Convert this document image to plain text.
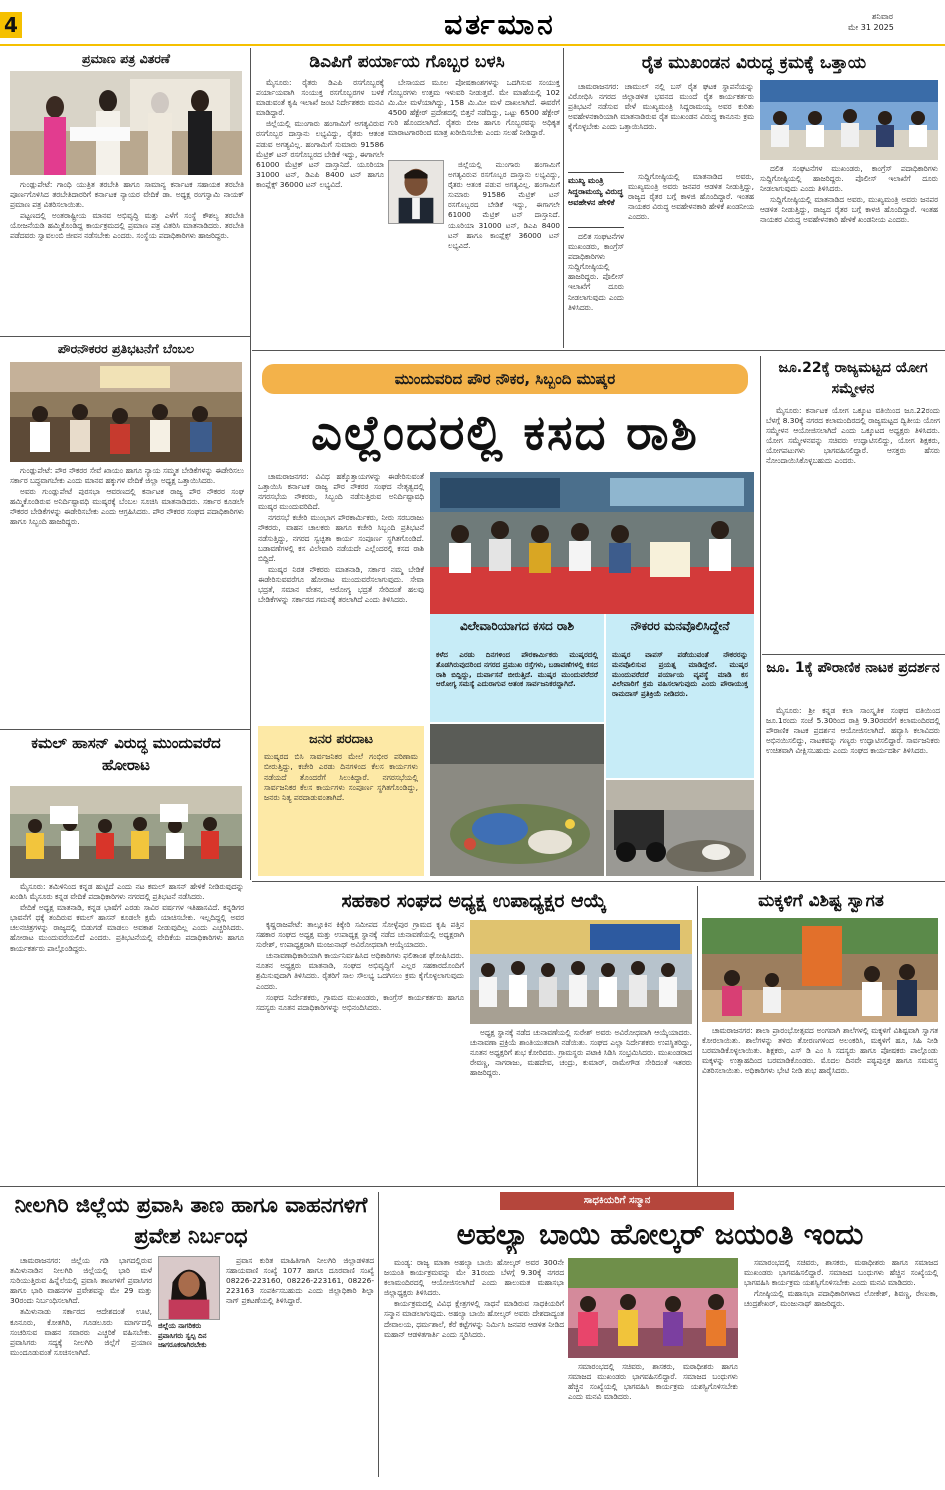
4	ವರ್ತಮಾನ	ಶನಿವಾರ
ಮೇ 31 2025
ಪ್ರಮಾಣ ಪತ್ರ ವಿತರಣೆ

ಗುಂಡ್ಲುಪೇಟೆ: ಗಾಂಧಿ ಯುತ್ರಿತ ತರಬೇತಿ ಹಾಗೂ ಸಾಮಾನ್ಯ ಕರ್ನಾಟಕ ಸಹಾಯಕ ತರಬೇತಿ ಪೂರ್ಣಗೊಳಿಸಿದ ತರಬೇತಿದಾರರಿಗೆ ಕರ್ನಾಟಕ ನ್ಯಾಯರ ವೇದಿಕೆ ಡಾ. ಅಧ್ಯಕ್ಷ ರಂಗಸ್ವಾಮಿ ನಾಯಕ್ ಪ್ರಮಾಣ ಪತ್ರ ವಿತರಿಸಲಾಯಿತು.

ಪಟ್ಟಣದಲ್ಲಿ ಅಂತರಾಷ್ಟ್ರೀಯ ಮಾನವ ಅಭಿವೃದ್ಧಿ ಮತ್ತು ಎಳೆಗೆ ಸಂಸ್ಥೆ ಕೌಶಲ್ಯ ತರಬೇತಿ ಯೋಜನೆಯಡಿ ಹಮ್ಮಿಕೊಂಡಿದ್ದ ಕಾರ್ಯಕ್ರಮದಲ್ಲಿ ಪ್ರಮಾಣ ಪತ್ರ ವಿತರಿಸಿ ಮಾತನಾಡಿದರು. ತರಬೇತಿ ಪಡೆದವರು ಸ್ವಾವಲಂಬಿ ಜೀವನ ನಡೆಸಬೇಕು ಎಂದರು. ಸಂಸ್ಥೆಯ ಪದಾಧಿಕಾರಿಗಳು ಹಾಜರಿದ್ದರು.

ಪೌರನೌಕರರ ಪ್ರತಿಭಟನೆಗೆ ಬೆಂಬಲ

ಗುಂಡ್ಲುಪೇಟೆ: ಪೌರ ನೌಕರರ ಸೇವೆ ಖಾಯಂ ಹಾಗೂ ನ್ಯಾಯ ಸಮ್ಮತ ಬೇಡಿಕೆಗಳನ್ನು ಈಡೇರಿಸಲು ಸರ್ಕಾರ ಬದ್ಧವಾಗಬೇಕು ಎಂದು ಮಾನವ ಹಕ್ಕುಗಳ ವೇದಿಕೆ ಜಿಲ್ಲಾ ಅಧ್ಯಕ್ಷ ಒತ್ತಾಯಿಸಿದರು.

ಅವರು ಗುಂಡ್ಲುಪೇಟೆ ಪುರಸಭಾ ಆವರಣದಲ್ಲಿ ಕರ್ನಾಟಕ ರಾಜ್ಯ ಪೌರ ನೌಕರರ ಸಂಘ ಹಮ್ಮಿಕೊಂಡಿರುವ ಅನಿರ್ದಿಷ್ಟಾವಧಿ ಮುಷ್ಕರಕ್ಕೆ ಬೆಂಬಲ ಸೂಚಿಸಿ ಮಾತನಾಡಿದರು. ಸರ್ಕಾರ ಕೂಡಲೇ ನೌಕರರ ಬೇಡಿಕೆಗಳನ್ನು ಈಡೇರಿಸಬೇಕು ಎಂದು ಆಗ್ರಹಿಸಿದರು. ಪೌರ ನೌಕರರ ಸಂಘದ ಪದಾಧಿಕಾರಿಗಳು ಹಾಗೂ ಸಿಬ್ಬಂದಿ ಹಾಜರಿದ್ದರು.

ಕಮಲ್ ಹಾಸನ್ ವಿರುದ್ಧ ಮುಂದುವರೆದ ಹೋರಾಟ

ಮೈಸೂರು: ತಮಿಳಿನಿಂದ ಕನ್ನಡ ಹುಟ್ಟಿದೆ ಎಂದು ನಟ ಕಮಲ್ ಹಾಸನ್ ಹೇಳಿಕೆ ನೀಡಿರುವುದನ್ನು ಖಂಡಿಸಿ ಮೈಸೂರು ಕನ್ನಡ ವೇದಿಕೆ ಪದಾಧಿಕಾರಿಗಳು ನಗರದಲ್ಲಿ ಪ್ರತಿಭಟನೆ ನಡೆಸಿದರು.

ವೇದಿಕೆ ಅಧ್ಯಕ್ಷ ಮಾತನಾಡಿ, ಕನ್ನಡ ಭಾಷೆಗೆ ಎರಡು ಸಾವಿರ ವರ್ಷಗಳ ಇತಿಹಾಸವಿದೆ. ಕನ್ನಡಿಗರ ಭಾವನೆಗೆ ಧಕ್ಕೆ ತಂದಿರುವ ಕಮಲ್ ಹಾಸನ್ ಕೂಡಲೇ ಕ್ಷಮೆ ಯಾಚಿಸಬೇಕು. ಇಲ್ಲದಿದ್ದಲ್ಲಿ ಅವರ ಚಲನಚಿತ್ರಗಳನ್ನು ರಾಜ್ಯದಲ್ಲಿ ಬಿಡುಗಡೆ ಮಾಡಲು ಅವಕಾಶ ನೀಡುವುದಿಲ್ಲ ಎಂದು ಎಚ್ಚರಿಸಿದರು. ಹೋರಾಟ ಮುಂದುವರೆಯಲಿದೆ ಎಂದರು. ಪ್ರತಿಭಟನೆಯಲ್ಲಿ ವೇದಿಕೆಯ ಪದಾಧಿಕಾರಿಗಳು ಹಾಗೂ ಕಾರ್ಯಕರ್ತರು ಪಾಲ್ಗೊಂಡಿದ್ದರು.

ಡಿಎಪಿಗೆ ಪರ್ಯಾಯ ಗೊಬ್ಬರ ಬಳಸಿ

ಮೈಸೂರು: ರೈತರು ಡಿಎಪಿ ರಸಗೊಬ್ಬರಕ್ಕೆ ಪರ್ಯಾಯವಾಗಿ ಸಂಯುಕ್ತ ರಸಗೊಬ್ಬರಗಳ ಬಳಕೆ ಮಾಡುವಂತೆ ಕೃಷಿ ಇಲಾಖೆ ಜಂಟಿ ನಿರ್ದೇಶಕರು ಮನವಿ ಮಾಡಿದ್ದಾರೆ.

ಜಿಲ್ಲೆಯಲ್ಲಿ ಮುಂಗಾರು ಹಂಗಾಮಿಗೆ ಅಗತ್ಯವಿರುವ ರಸಗೊಬ್ಬರ ದಾಸ್ತಾನು ಲಭ್ಯವಿದ್ದು, ರೈತರು ಆತಂಕ ಪಡುವ ಅಗತ್ಯವಿಲ್ಲ. ಹಂಗಾಮಿಗೆ ಸುಮಾರು 91586 ಮೆಟ್ರಿಕ್ ಟನ್ ರಸಗೊಬ್ಬರದ ಬೇಡಿಕೆ ಇದ್ದು, ಈಗಾಗಲೇ 61000 ಮೆಟ್ರಿಕ್ ಟನ್ ದಾಸ್ತಾನಿದೆ. ಯೂರಿಯಾ 31000 ಟನ್, ಡಿಎಪಿ 8400 ಟನ್ ಹಾಗೂ ಕಾಂಪ್ಲೆಕ್ಸ್ 36000 ಟನ್ ಲಭ್ಯವಿದೆ.

ಬೇಸಾಯದ ಮೂಲ ಪೋಷಕಾಂಶಗಳನ್ನು ಒದಗಿಸುವ ಸಂಯುಕ್ತ ಗೊಬ್ಬರಗಳು ಉತ್ತಮ ಇಳುವರಿ ನೀಡುತ್ತವೆ. ಮೇ ಮಾಹೆಯಲ್ಲಿ 102 ಮಿ.ಮೀ ಮಳೆಯಾಗಿದ್ದು, 158 ಮಿ.ಮೀ ಮಳೆ ದಾಖಲಾಗಿದೆ. ಈವರೆಗೆ 4500 ಹೆಕ್ಟೇರ್ ಪ್ರದೇಶದಲ್ಲಿ ಬಿತ್ತನೆ ನಡೆದಿದ್ದು, ಒಟ್ಟು 6500 ಹೆಕ್ಟೇರ್ ಗುರಿ ಹೊಂದಲಾಗಿದೆ. ರೈತರು ಬೀಜ ಹಾಗೂ ಗೊಬ್ಬರವನ್ನು ಅಧಿಕೃತ ಮಾರಾಟಗಾರರಿಂದ ಮಾತ್ರ ಖರೀದಿಸಬೇಕು ಎಂದು ಸಲಹೆ ನೀಡಿದ್ದಾರೆ.

ಜಿಲ್ಲೆಯಲ್ಲಿ ಮುಂಗಾರು ಹಂಗಾಮಿಗೆ ಅಗತ್ಯವಿರುವ ರಸಗೊಬ್ಬರ ದಾಸ್ತಾನು ಲಭ್ಯವಿದ್ದು, ರೈತರು ಆತಂಕ ಪಡುವ ಅಗತ್ಯವಿಲ್ಲ. ಹಂಗಾಮಿಗೆ ಸುಮಾರು 91586 ಮೆಟ್ರಿಕ್ ಟನ್ ರಸಗೊಬ್ಬರದ ಬೇಡಿಕೆ ಇದ್ದು, ಈಗಾಗಲೇ 61000 ಮೆಟ್ರಿಕ್ ಟನ್ ದಾಸ್ತಾನಿದೆ. ಯೂರಿಯಾ 31000 ಟನ್, ಡಿಎಪಿ 8400 ಟನ್ ಹಾಗೂ ಕಾಂಪ್ಲೆಕ್ಸ್ 36000 ಟನ್ ಲಭ್ಯವಿದೆ.

ರೈತ ಮುಖಂಡನ ವಿರುದ್ಧ ಕ್ರಮಕ್ಕೆ ಒತ್ತಾಯ

ಚಾಮರಾಜನಗರ: ಚಾಮುಲ್ ನಲ್ಲಿ ಬಸ್ ರೈತ ಘಟಕ ಸ್ಥಾಪನೆಯನ್ನು ವಿರೋಧಿಸಿ ನಗರದ ಜಿಲ್ಲಾಡಳಿತ ಭವನದ ಮುಂದೆ ರೈತ ಕಾರ್ಯಕರ್ತರು ಪ್ರತಿಭಟನೆ ನಡೆಸುವ ವೇಳೆ ಮುಖ್ಯಮಂತ್ರಿ ಸಿದ್ದರಾಮಯ್ಯ ಅವರ ಕುರಿತು ಅವಹೇಳನಕಾರಿಯಾಗಿ ಮಾತನಾಡಿರುವ ರೈತ ಮುಖಂಡನ ವಿರುದ್ಧ ಕಾನೂನು ಕ್ರಮ ಕೈಗೊಳ್ಳಬೇಕು ಎಂದು ಒತ್ತಾಯಿಸಿದರು.

ಮುಖ್ಯ ಮಂತ್ರಿ ಸಿದ್ದರಾಮಯ್ಯ ವಿರುದ್ಧ ಅವಹೇಳನ ಹೇಳಿಕೆ

ಸುದ್ದಿಗೋಷ್ಠಿಯಲ್ಲಿ ಮಾತನಾಡಿದ ಅವರು, ಮುಖ್ಯಮಂತ್ರಿ ಅವರು ಜನಪರ ಆಡಳಿತ ನೀಡುತ್ತಿದ್ದು, ರಾಜ್ಯದ ರೈತರ ಬಗ್ಗೆ ಕಾಳಜಿ ಹೊಂದಿದ್ದಾರೆ. ಇಂತಹ ನಾಯಕರ ವಿರುದ್ಧ ಅವಹೇಳನಕಾರಿ ಹೇಳಿಕೆ ಖಂಡನೀಯ ಎಂದರು.

ದಲಿತ ಸಂಘಟನೆಗಳ ಮುಖಂಡರು, ಕಾಂಗ್ರೆಸ್ ಪದಾಧಿಕಾರಿಗಳು ಸುದ್ದಿಗೋಷ್ಠಿಯಲ್ಲಿ ಹಾಜರಿದ್ದರು. ಪೊಲೀಸ್ ಇಲಾಖೆಗೆ ದೂರು ನೀಡಲಾಗುವುದು ಎಂದು ತಿಳಿಸಿದರು.

ದಲಿತ ಸಂಘಟನೆಗಳ ಮುಖಂಡರು, ಕಾಂಗ್ರೆಸ್ ಪದಾಧಿಕಾರಿಗಳು ಸುದ್ದಿಗೋಷ್ಠಿಯಲ್ಲಿ ಹಾಜರಿದ್ದರು. ಪೊಲೀಸ್ ಇಲಾಖೆಗೆ ದೂರು ನೀಡಲಾಗುವುದು ಎಂದು ತಿಳಿಸಿದರು.

ಸುದ್ದಿಗೋಷ್ಠಿಯಲ್ಲಿ ಮಾತನಾಡಿದ ಅವರು, ಮುಖ್ಯಮಂತ್ರಿ ಅವರು ಜನಪರ ಆಡಳಿತ ನೀಡುತ್ತಿದ್ದು, ರಾಜ್ಯದ ರೈತರ ಬಗ್ಗೆ ಕಾಳಜಿ ಹೊಂದಿದ್ದಾರೆ. ಇಂತಹ ನಾಯಕರ ವಿರುದ್ಧ ಅವಹೇಳನಕಾರಿ ಹೇಳಿಕೆ ಖಂಡನೀಯ ಎಂದರು.

ಮುಂದುವರಿದ ಪೌರ ನೌಕರ, ಸಿಬ್ಬಂದಿ ಮುಷ್ಕರ
ಎಲ್ಲೆಂದರಲ್ಲಿ ಕಸದ ರಾಶಿ

ಚಾಮರಾಜನಗರ: ವಿವಿಧ ಹಕ್ಕೊತ್ತಾಯಗಳನ್ನು ಈಡೇರಿಸುವಂತೆ ಒತ್ತಾಯಿಸಿ ಕರ್ನಾಟಕ ರಾಜ್ಯ ಪೌರ ನೌಕರರ ಸಂಘದ ನೇತೃತ್ವದಲ್ಲಿ ನಗರಸಭೆಯ ನೌಕರರು, ಸಿಬ್ಬಂದಿ ನಡೆಸುತ್ತಿರುವ ಅನಿರ್ದಿಷ್ಟಾವಧಿ ಮುಷ್ಕರ ಮುಂದುವರಿದಿದೆ.

ನಗರಸಭೆ ಕಚೇರಿ ಮುಂಭಾಗ ಪೌರಕಾರ್ಮಿಕರು, ನೀರು ಸರಬರಾಜು ನೌಕರರು, ವಾಹನ ಚಾಲಕರು ಹಾಗೂ ಕಚೇರಿ ಸಿಬ್ಬಂದಿ ಪ್ರತಿಭಟನೆ ನಡೆಸುತ್ತಿದ್ದು, ನಗರದ ಸ್ವಚ್ಛತಾ ಕಾರ್ಯ ಸಂಪೂರ್ಣ ಸ್ಥಗಿತಗೊಂಡಿದೆ. ಬಡಾವಣೆಗಳಲ್ಲಿ ಕಸ ವಿಲೇವಾರಿ ನಡೆಯದೇ ಎಲ್ಲೆಂದರಲ್ಲಿ ಕಸದ ರಾಶಿ ಬಿದ್ದಿದೆ.

ಮುಷ್ಕರ ನಿರತ ನೌಕರರು ಮಾತನಾಡಿ, ಸರ್ಕಾರ ನಮ್ಮ ಬೇಡಿಕೆ ಈಡೇರಿಸುವವರೆಗೂ ಹೋರಾಟ ಮುಂದುವರೆಸಲಾಗುವುದು. ಸೇವಾ ಭದ್ರತೆ, ಸಮಾನ ವೇತನ, ಆರೋಗ್ಯ ಭದ್ರತೆ ಸೇರಿದಂತೆ ಹಲವು ಬೇಡಿಕೆಗಳನ್ನು ಸರ್ಕಾರದ ಗಮನಕ್ಕೆ ತರಲಾಗಿದೆ ಎಂದು ತಿಳಿಸಿದರು.

ಜನರ ಪರದಾಟ
ಮುಷ್ಕರದ ಬಿಸಿ ಸಾರ್ವಜನಿಕರ ಮೇಲೆ ಗಂಭೀರ ಪರಿಣಾಮ ಬೀರುತ್ತಿದ್ದು, ಕಚೇರಿ ಎರಡು ದಿನಗಳಿಂದ ಕೆಲಸ ಕಾರ್ಯಗಳು ನಡೆಯದೆ ತೊಂದರೆಗೆ ಸಿಲುಕಿದ್ದಾರೆ. ನಗರಸಭೆಯಲ್ಲಿ ಸಾರ್ವಜನಿಕರ ಕೆಲಸ ಕಾರ್ಯಗಳು ಸಂಪೂರ್ಣ ಸ್ಥಗಿತಗೊಂಡಿದ್ದು, ಜನರು ನಿತ್ಯ ಪರದಾಡುವಂತಾಗಿದೆ.
ವಿಲೇವಾರಿಯಾಗದ ಕಸದ ರಾಶಿ
ಕಳೆದ ಎರಡು ದಿನಗಳಿಂದ ಪೌರಕಾರ್ಮಿಕರು ಮುಷ್ಕರದಲ್ಲಿ ತೊಡಗಿರುವುದರಿಂದ ನಗರದ ಪ್ರಮುಖ ರಸ್ತೆಗಳು, ಬಡಾವಣೆಗಳಲ್ಲಿ ಕಸದ ರಾಶಿ ಬಿದ್ದಿದ್ದು, ದುರ್ವಾಸನೆ ಬೀರುತ್ತಿದೆ. ಮುಷ್ಕರ ಮುಂದುವರೆದರೆ ಆರೋಗ್ಯ ಸಮಸ್ಯೆ ಎದುರಾಗುವ ಆತಂಕ ಸಾರ್ವಜನಿಕರದ್ದಾಗಿದೆ.
ನೌಕರರ ಮನವೊಲಿಸಿದ್ದೇನೆ
ಮುಷ್ಕರ ವಾಪಸ್ ಪಡೆಯುವಂತೆ ನೌಕರರನ್ನು ಮನವೊಲಿಸುವ ಪ್ರಯತ್ನ ಮಾಡಿದ್ದೇನೆ. ಮುಷ್ಕರ ಮುಂದುವರೆದರೆ ಪರ್ಯಾಯ ವ್ಯವಸ್ಥೆ ಮಾಡಿ ಕಸ ವಿಲೇವಾರಿಗೆ ಕ್ರಮ ವಹಿಸಲಾಗುವುದು ಎಂದು ಪೌರಾಯುಕ್ತ ರಾಮದಾಸ್ ಪ್ರತಿಕ್ರಿಯೆ ನೀಡಿದರು.
ಜೂ.22ಕ್ಕೆ ರಾಜ್ಯಮಟ್ಟದ ಯೋಗ ಸಮ್ಮೇಳನ

ಮೈಸೂರು: ಕರ್ನಾಟಕ ಯೋಗ ಒಕ್ಕೂಟ ವತಿಯಿಂದ ಜೂ.22ರಂದು ಬೆಳಗ್ಗೆ 8.30ಕ್ಕೆ ನಗರದ ಕಲಾಮಂದಿರದಲ್ಲಿ ರಾಜ್ಯಮಟ್ಟದ ದ್ವಿತೀಯ ಯೋಗ ಸಮ್ಮೇಳನ ಆಯೋಜಿಸಲಾಗಿದೆ ಎಂದು ಒಕ್ಕೂಟದ ಅಧ್ಯಕ್ಷರು ತಿಳಿಸಿದರು. ಯೋಗ ಸಮ್ಮೇಳನವನ್ನು ಸಚಿವರು ಉದ್ಘಾಟಿಸಲಿದ್ದು, ಯೋಗ ಶಿಕ್ಷಕರು, ಯೋಗಪಟುಗಳು ಭಾಗವಹಿಸಲಿದ್ದಾರೆ. ಆಸಕ್ತರು ಹೆಸರು ನೋಂದಾಯಿಸಿಕೊಳ್ಳಬಹುದು ಎಂದರು.

ಜೂ. 1ಕ್ಕೆ ಪೌರಾಣಿಕ ನಾಟಕ ಪ್ರದರ್ಶನ

ಮೈಸೂರು: ಶ್ರೀ ಕನ್ನಡ ಕಲಾ ಸಾಂಸ್ಕೃತಿಕ ಸಂಘದ ವತಿಯಿಂದ ಜೂ.1ರಂದು ಸಂಜೆ 5.30ರಿಂದ ರಾತ್ರಿ 9.30ರವರೆಗೆ ಕಲಾಮಂದಿರದಲ್ಲಿ ಪೌರಾಣಿಕ ನಾಟಕ ಪ್ರದರ್ಶನ ಆಯೋಜಿಸಲಾಗಿದೆ. ಹವ್ಯಾಸಿ ಕಲಾವಿದರು ಅಭಿನಯಿಸಲಿದ್ದು, ನಾಟಕವನ್ನು ಗಣ್ಯರು ಉದ್ಘಾಟಿಸಲಿದ್ದಾರೆ. ಸಾರ್ವಜನಿಕರು ಉಚಿತವಾಗಿ ವೀಕ್ಷಿಸಬಹುದು ಎಂದು ಸಂಘದ ಕಾರ್ಯದರ್ಶಿ ತಿಳಿಸಿದರು.

ಸಹಕಾರ ಸಂಘದ ಅಧ್ಯಕ್ಷ ಉಪಾಧ್ಯಕ್ಷರ ಆಯ್ಕೆ

ಕೃಷ್ಣರಾಜಪೇಟೆ: ತಾಲ್ಲೂಕಿನ ಕಿಕ್ಕೇರಿ ಸಮೀಪದ ಸೋಳ್ಳೆಪುರ ಗ್ರಾಮದ ಕೃಷಿ ಪತ್ತಿನ ಸಹಕಾರ ಸಂಘದ ಅಧ್ಯಕ್ಷ ಮತ್ತು ಉಪಾಧ್ಯಕ್ಷ ಸ್ಥಾನಕ್ಕೆ ನಡೆದ ಚುನಾವಣೆಯಲ್ಲಿ ಅಧ್ಯಕ್ಷರಾಗಿ ಸುರೇಶ್, ಉಪಾಧ್ಯಕ್ಷರಾಗಿ ಮಂಜುನಾಥ್ ಅವಿರೋಧವಾಗಿ ಆಯ್ಕೆಯಾದರು.

ಚುನಾವಣಾಧಿಕಾರಿಯಾಗಿ ಕಾರ್ಯನಿರ್ವಹಿಸಿದ ಅಧಿಕಾರಿಗಳು ಫಲಿತಾಂಶ ಘೋಷಿಸಿದರು. ನೂತನ ಅಧ್ಯಕ್ಷರು ಮಾತನಾಡಿ, ಸಂಘದ ಅಭಿವೃದ್ಧಿಗೆ ಎಲ್ಲರ ಸಹಕಾರದೊಂದಿಗೆ ಶ್ರಮಿಸುವುದಾಗಿ ತಿಳಿಸಿದರು. ರೈತರಿಗೆ ಸಾಲ ಸೌಲಭ್ಯ ಒದಗಿಸಲು ಕ್ರಮ ಕೈಗೊಳ್ಳಲಾಗುವುದು ಎಂದರು.

ಸಂಘದ ನಿರ್ದೇಶಕರು, ಗ್ರಾಮದ ಮುಖಂಡರು, ಕಾಂಗ್ರೆಸ್ ಕಾರ್ಯಕರ್ತರು ಹಾಗೂ ಸದಸ್ಯರು ನೂತನ ಪದಾಧಿಕಾರಿಗಳನ್ನು ಅಭಿನಂದಿಸಿದರು.

ಅಧ್ಯಕ್ಷ ಸ್ಥಾನಕ್ಕೆ ನಡೆದ ಚುನಾವಣೆಯಲ್ಲಿ ಸುರೇಶ್ ಅವರು ಅವಿರೋಧವಾಗಿ ಆಯ್ಕೆಯಾದರು. ಚುನಾವಣಾ ಪ್ರಕ್ರಿಯೆ ಶಾಂತಿಯುತವಾಗಿ ನಡೆಯಿತು. ಸಂಘದ ಎಲ್ಲಾ ನಿರ್ದೇಶಕರು ಉಪಸ್ಥಿತರಿದ್ದು, ನೂತನ ಅಧ್ಯಕ್ಷರಿಗೆ ಶುಭ ಕೋರಿದರು. ಗ್ರಾಮಸ್ಥರು ಪಟಾಕಿ ಸಿಡಿಸಿ ಸಂಭ್ರಮಿಸಿದರು. ಮುಖಂಡರಾದ ರೇವಣ್ಣ, ನಾಗರಾಜು, ಮಹದೇವ, ಚಂದ್ರು, ಕುಮಾರ್, ರಾಮೇಗೌಡ ಸೇರಿದಂತೆ ಇತರರು ಹಾಜರಿದ್ದರು.

ಮಕ್ಕಳಿಗೆ ವಿಶಿಷ್ಟ ಸ್ವಾಗತ

ಚಾಮರಾಜನಗರ: ಶಾಲಾ ಪ್ರಾರಂಭೋತ್ಸವದ ಅಂಗವಾಗಿ ಶಾಲೆಗಳಲ್ಲಿ ಮಕ್ಕಳಿಗೆ ವಿಶಿಷ್ಟವಾಗಿ ಸ್ವಾಗತ ಕೋರಲಾಯಿತು. ಶಾಲೆಗಳನ್ನು ತಳಿರು ತೋರಣಗಳಿಂದ ಅಲಂಕರಿಸಿ, ಮಕ್ಕಳಿಗೆ ಹೂ, ಸಿಹಿ ನೀಡಿ ಬರಮಾಡಿಕೊಳ್ಳಲಾಯಿತು. ಶಿಕ್ಷಕರು, ಎಸ್ ಡಿ ಎಂ ಸಿ ಸದಸ್ಯರು ಹಾಗೂ ಪೋಷಕರು ಪಾಲ್ಗೊಂಡು ಮಕ್ಕಳನ್ನು ಉತ್ಸಾಹದಿಂದ ಬರಮಾಡಿಕೊಂಡರು. ಮೊದಲ ದಿನವೇ ಪಠ್ಯಪುಸ್ತಕ ಹಾಗೂ ಸಮವಸ್ತ್ರ ವಿತರಿಸಲಾಯಿತು. ಅಧಿಕಾರಿಗಳು ಭೇಟಿ ನೀಡಿ ಶುಭ ಹಾರೈಸಿದರು.

ನೀಲಗಿರಿ ಜಿಲ್ಲೆಯ ಪ್ರವಾಸಿ ತಾಣ ಹಾಗೂ ವಾಹನಗಳಿಗೆ ಪ್ರವೇಶ ನಿರ್ಬಂಧ

ಚಾಮರಾಜನಗರ: ಜಿಲ್ಲೆಯ ಗಡಿ ಭಾಗದಲ್ಲಿರುವ ತಮಿಳುನಾಡಿನ ನೀಲಗಿರಿ ಜಿಲ್ಲೆಯಲ್ಲಿ ಭಾರಿ ಮಳೆ ಸುರಿಯುತ್ತಿರುವ ಹಿನ್ನೆಲೆಯಲ್ಲಿ ಪ್ರವಾಸಿ ತಾಣಗಳಿಗೆ ಪ್ರವಾಸಿಗರ ಹಾಗೂ ಭಾರಿ ವಾಹನಗಳ ಪ್ರವೇಶವನ್ನು ಮೇ 29 ಮತ್ತು 30ರಂದು ನಿರ್ಬಂಧಿಸಲಾಗಿದೆ.

ತಮಿಳುನಾಡು ಸರ್ಕಾರದ ಆದೇಶದಂತೆ ಊಟಿ, ಕೂನೂರು, ಕೋತಗಿರಿ, ಗೂಡಲೂರು ಮಾರ್ಗದಲ್ಲಿ ಸಂಚರಿಸುವ ವಾಹನ ಸವಾರರು ಎಚ್ಚರಿಕೆ ವಹಿಸಬೇಕು. ಪ್ರವಾಸಿಗರು ಸದ್ಯಕ್ಕೆ ನೀಲಗಿರಿ ಜಿಲ್ಲೆಗೆ ಪ್ರಯಾಣ ಮುಂದೂಡುವಂತೆ ಸೂಚಿಸಲಾಗಿದೆ.

ಜಿಲ್ಲೆಯ ನಾಗರಿಕರು ಪ್ರವಾಸಿಗರು ಸ್ವಲ್ಪ ದಿನ ಜಾಗರೂಕರಾಗಿರಬೇಕು

ಪ್ರವಾಸ ಕುರಿತ ಮಾಹಿತಿಗಾಗಿ ನೀಲಗಿರಿ ಜಿಲ್ಲಾಡಳಿತದ ಸಹಾಯವಾಣಿ ಸಂಖ್ಯೆ 1077 ಹಾಗೂ ದೂರವಾಣಿ ಸಂಖ್ಯೆ 08226-223160, 08226-223161, 08226-223163 ಸಂಪರ್ಕಿಸಬಹುದು ಎಂದು ಜಿಲ್ಲಾಧಿಕಾರಿ ಶಿಲ್ಪಾ ನಾಗ್ ಪ್ರಕಟಣೆಯಲ್ಲಿ ತಿಳಿಸಿದ್ದಾರೆ.

ಸಾಧಕಿಯರಿಗೆ ಸನ್ಮಾನ
ಅಹಲ್ಯಾ ಬಾಯಿ ಹೋಲ್ಕರ್ ಜಯಂತಿ ಇಂದು

ಮಂಡ್ಯ: ರಾಜ್ಯ ಮಾತಾ ಅಹಲ್ಯಾ ಬಾಯಿ ಹೋಲ್ಕರ್ ಅವರ 300ನೇ ಜಯಂತಿ ಕಾರ್ಯಕ್ರಮವನ್ನು ಮೇ 31ರಂದು ಬೆಳಗ್ಗೆ 9.30ಕ್ಕೆ ನಗರದ ಕಲಾಮಂದಿರದಲ್ಲಿ ಆಯೋಜಿಸಲಾಗಿದೆ ಎಂದು ಹಾಲುಮತ ಮಹಾಸಭಾ ಜಿಲ್ಲಾಧ್ಯಕ್ಷರು ತಿಳಿಸಿದರು.

ಕಾರ್ಯಕ್ರಮದಲ್ಲಿ ವಿವಿಧ ಕ್ಷೇತ್ರಗಳಲ್ಲಿ ಸಾಧನೆ ಮಾಡಿರುವ ಸಾಧಕಿಯರಿಗೆ ಸನ್ಮಾನ ಮಾಡಲಾಗುವುದು. ಅಹಲ್ಯಾ ಬಾಯಿ ಹೋಲ್ಕರ್ ಅವರು ದೇಶದಾದ್ಯಂತ ದೇವಾಲಯ, ಧರ್ಮಶಾಲೆ, ಕೆರೆ ಕಟ್ಟೆಗಳನ್ನು ನಿರ್ಮಿಸಿ ಜನಪರ ಆಡಳಿತ ನೀಡಿದ ಮಹಾನ್ ಆಡಳಿತಗಾರ್ತಿ ಎಂದು ಸ್ಮರಿಸಿದರು.

ಸಮಾರಂಭದಲ್ಲಿ ಸಚಿವರು, ಶಾಸಕರು, ಮಠಾಧೀಶರು ಹಾಗೂ ಸಮಾಜದ ಮುಖಂಡರು ಭಾಗವಹಿಸಲಿದ್ದಾರೆ. ಸಮಾಜದ ಬಂಧುಗಳು ಹೆಚ್ಚಿನ ಸಂಖ್ಯೆಯಲ್ಲಿ ಭಾಗವಹಿಸಿ ಕಾರ್ಯಕ್ರಮ ಯಶಸ್ವಿಗೊಳಿಸಬೇಕು ಎಂದು ಮನವಿ ಮಾಡಿದರು.

ಸಮಾರಂಭದಲ್ಲಿ ಸಚಿವರು, ಶಾಸಕರು, ಮಠಾಧೀಶರು ಹಾಗೂ ಸಮಾಜದ ಮುಖಂಡರು ಭಾಗವಹಿಸಲಿದ್ದಾರೆ. ಸಮಾಜದ ಬಂಧುಗಳು ಹೆಚ್ಚಿನ ಸಂಖ್ಯೆಯಲ್ಲಿ ಭಾಗವಹಿಸಿ ಕಾರ್ಯಕ್ರಮ ಯಶಸ್ವಿಗೊಳಿಸಬೇಕು ಎಂದು ಮನವಿ ಮಾಡಿದರು.

ಗೋಷ್ಠಿಯಲ್ಲಿ ಮಹಾಸಭಾ ಪದಾಧಿಕಾರಿಗಳಾದ ಲೋಕೇಶ್, ಶಿವಣ್ಣ, ರೇಣುಕಾ, ಚಂದ್ರಶೇಖರ್, ಮಂಜುನಾಥ್ ಹಾಜರಿದ್ದರು.
